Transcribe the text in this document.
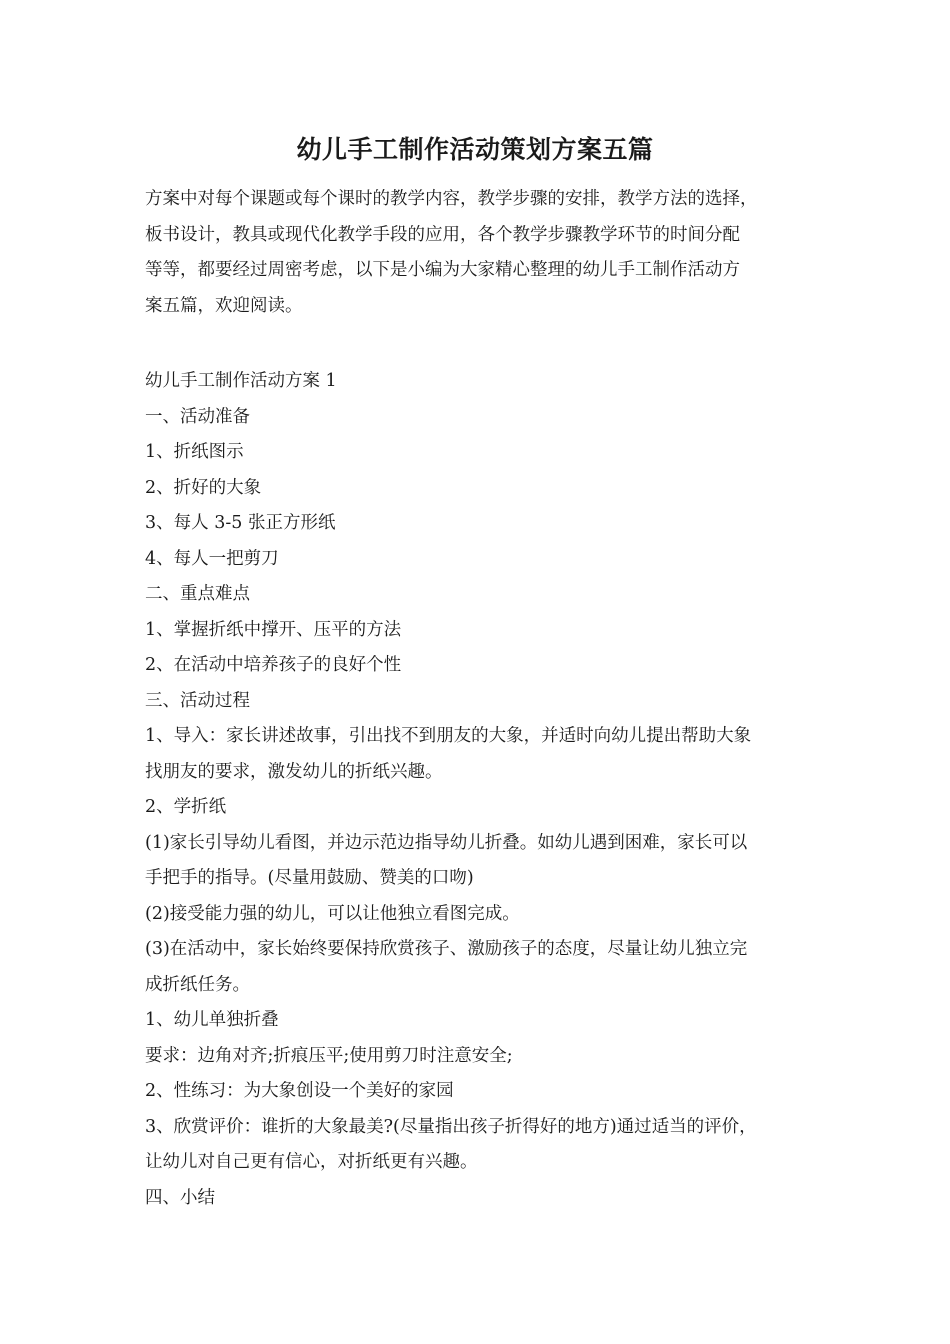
幼儿手工制作活动策划方案五篇
方案中对每个课题或每个课时的教学内容，教学步骤的安排，教学方法的选择，
板书设计，教具或现代化教学手段的应用，各个教学步骤教学环节的时间分配
等等，都要经过周密考虑，以下是小编为大家精心整理的幼儿手工制作活动方
案五篇，欢迎阅读。
幼儿手工制作活动方案 1
一、活动准备
1、折纸图示
2、折好的大象
3、每人 3-5 张正方形纸
4、每人一把剪刀
二、重点难点
1、掌握折纸中撑开、压平的方法
2、在活动中培养孩子的良好个性
三、活动过程
1、导入：家长讲述故事，引出找不到朋友的大象，并适时向幼儿提出帮助大象
找朋友的要求，激发幼儿的折纸兴趣。
2、学折纸
(1)家长引导幼儿看图，并边示范边指导幼儿折叠。如幼儿遇到困难，家长可以
手把手的指导。(尽量用鼓励、赞美的口吻)
(2)接受能力强的幼儿，可以让他独立看图完成。
(3)在活动中，家长始终要保持欣赏孩子、激励孩子的态度，尽量让幼儿独立完
成折纸任务。
1、幼儿单独折叠
要求：边角对齐;折痕压平;使用剪刀时注意安全;
2、性练习：为大象创设一个美好的家园
3、欣赏评价：谁折的大象最美?(尽量指出孩子折得好的地方)通过适当的评价，
让幼儿对自己更有信心，对折纸更有兴趣。
四、小结
